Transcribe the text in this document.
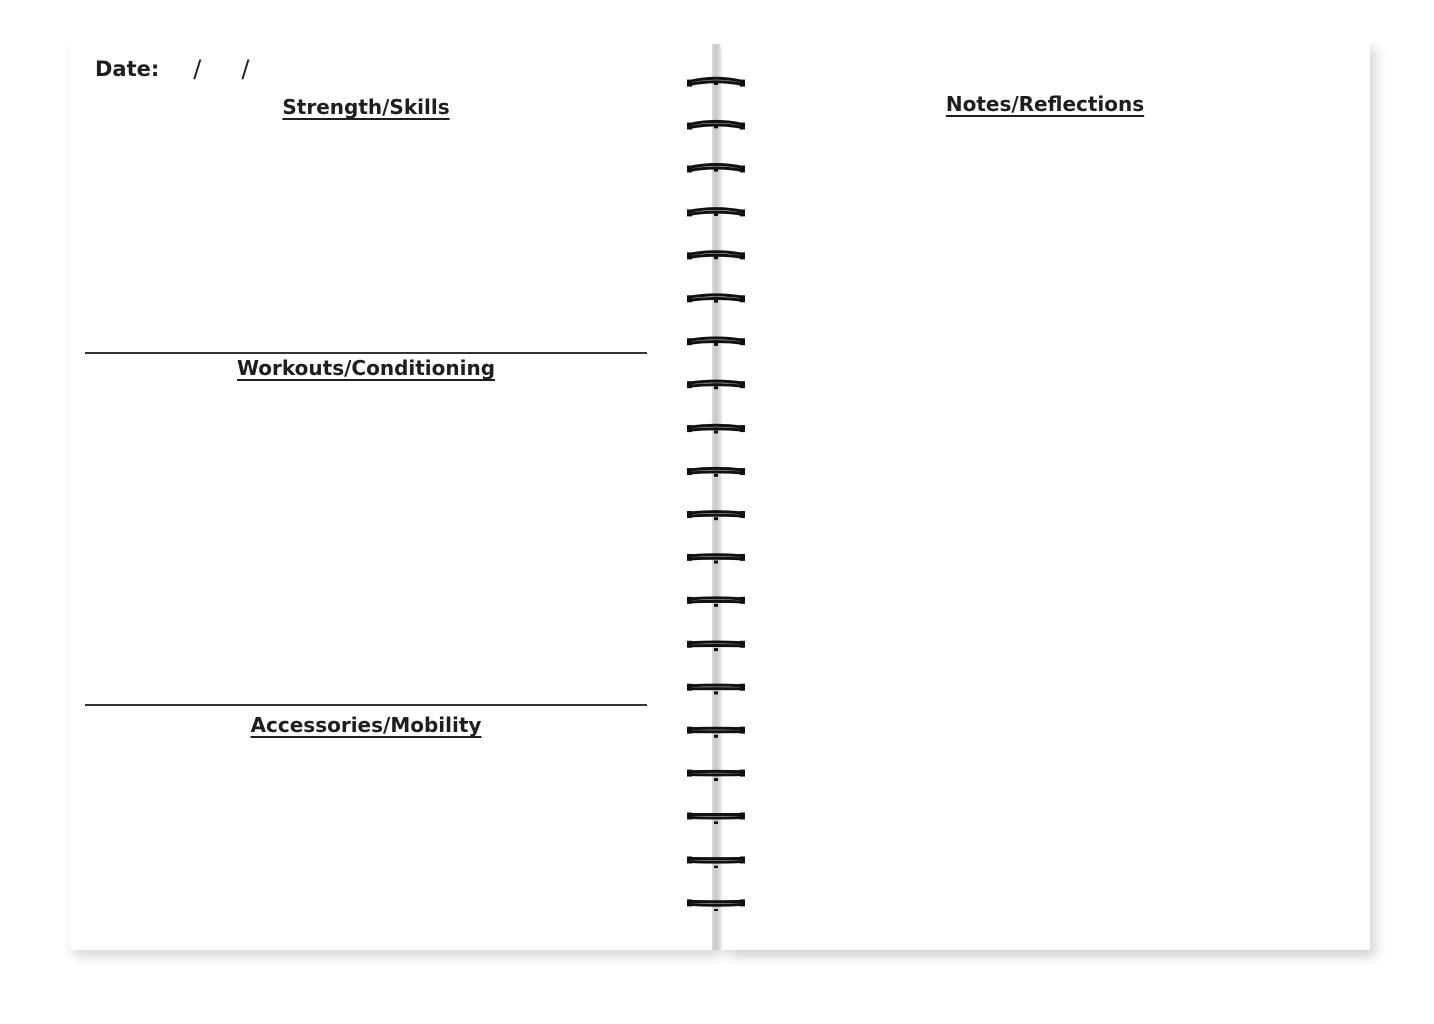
Date: / /
Strength/Skills
Workouts/Conditioning
Accessories/Mobility
Notes/Reflections
